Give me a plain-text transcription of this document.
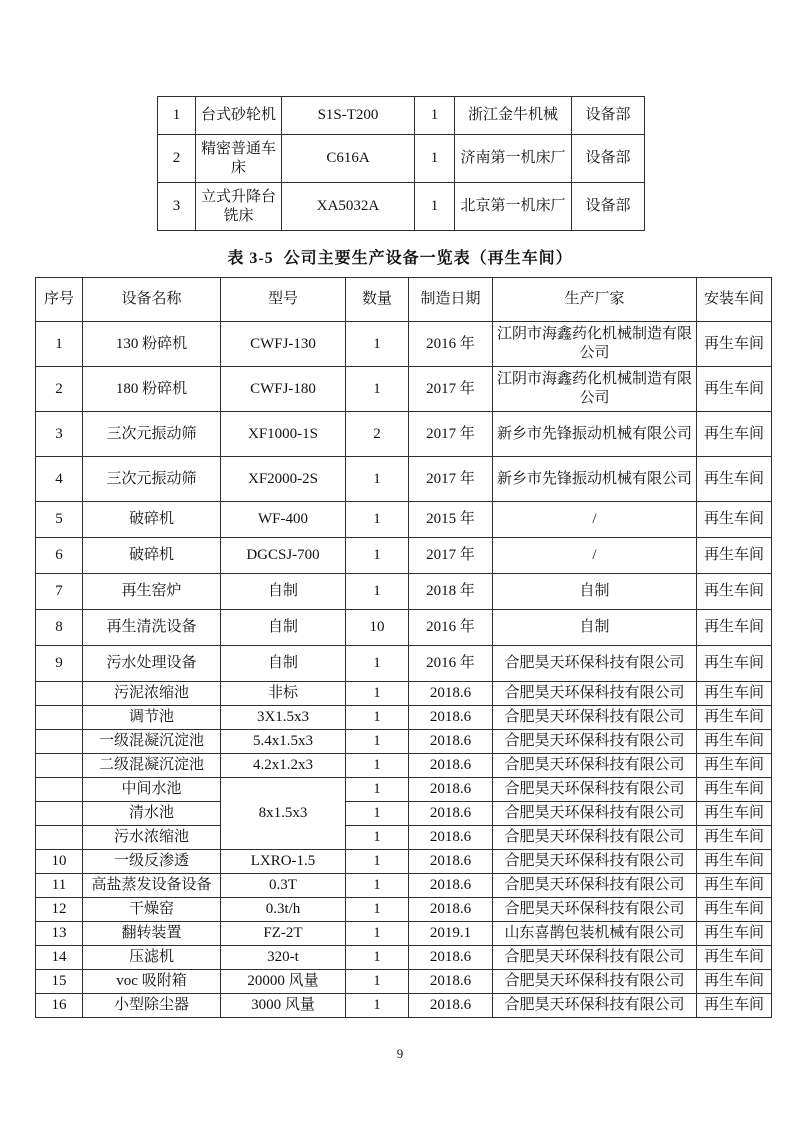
1	台式砂轮机	S1S-T200	1	浙江金牛机械	设备部
2	精密普通车床	C616A	1	济南第一机床厂	设备部
3	立式升降台铣床	XA5032A	1	北京第一机床厂	设备部
表 3-5  公司主要生产设备一览表（再生车间）
序号	设备名称	型号	数量	制造日期	生产厂家	安装车间
1	130 粉碎机	CWFJ-130	1	2016 年	江阴市海鑫药化机械制造有限公司	再生车间
2	180 粉碎机	CWFJ-180	1	2017 年	江阴市海鑫药化机械制造有限公司	再生车间
3	三次元振动筛	XF1000-1S	2	2017 年	新乡市先锋振动机械有限公司	再生车间
4	三次元振动筛	XF2000-2S	1	2017 年	新乡市先锋振动机械有限公司	再生车间
5	破碎机	WF-400	1	2015 年	/	再生车间
6	破碎机	DGCSJ-700	1	2017 年	/	再生车间
7	再生窑炉	自制	1	2018 年	自制	再生车间
8	再生清洗设备	自制	10	2016 年	自制	再生车间
9	污水处理设备	自制	1	2016 年	合肥昊天环保科技有限公司	再生车间
	污泥浓缩池	非标	1	2018.6	合肥昊天环保科技有限公司	再生车间
	调节池	3X1.5x3	1	2018.6	合肥昊天环保科技有限公司	再生车间
	一级混凝沉淀池	5.4x1.5x3	1	2018.6	合肥昊天环保科技有限公司	再生车间
	二级混凝沉淀池	4.2x1.2x3	1	2018.6	合肥昊天环保科技有限公司	再生车间
	中间水池	8x1.5x3	1	2018.6	合肥昊天环保科技有限公司	再生车间
	清水池		1	2018.6	合肥昊天环保科技有限公司	再生车间
	污水浓缩池		1	2018.6	合肥昊天环保科技有限公司	再生车间
10	一级反渗透	LXRO-1.5	1	2018.6	合肥昊天环保科技有限公司	再生车间
11	高盐蒸发设备设备	0.3T	1	2018.6	合肥昊天环保科技有限公司	再生车间
12	干燥窑	0.3t/h	1	2018.6	合肥昊天环保科技有限公司	再生车间
13	翻转装置	FZ-2T	1	2019.1	山东喜鹊包装机械有限公司	再生车间
14	压滤机	320-t	1	2018.6	合肥昊天环保科技有限公司	再生车间
15	voc 吸附箱	20000 风量	1	2018.6	合肥昊天环保科技有限公司	再生车间
16	小型除尘器	3000 风量	1	2018.6	合肥昊天环保科技有限公司	再生车间
9
